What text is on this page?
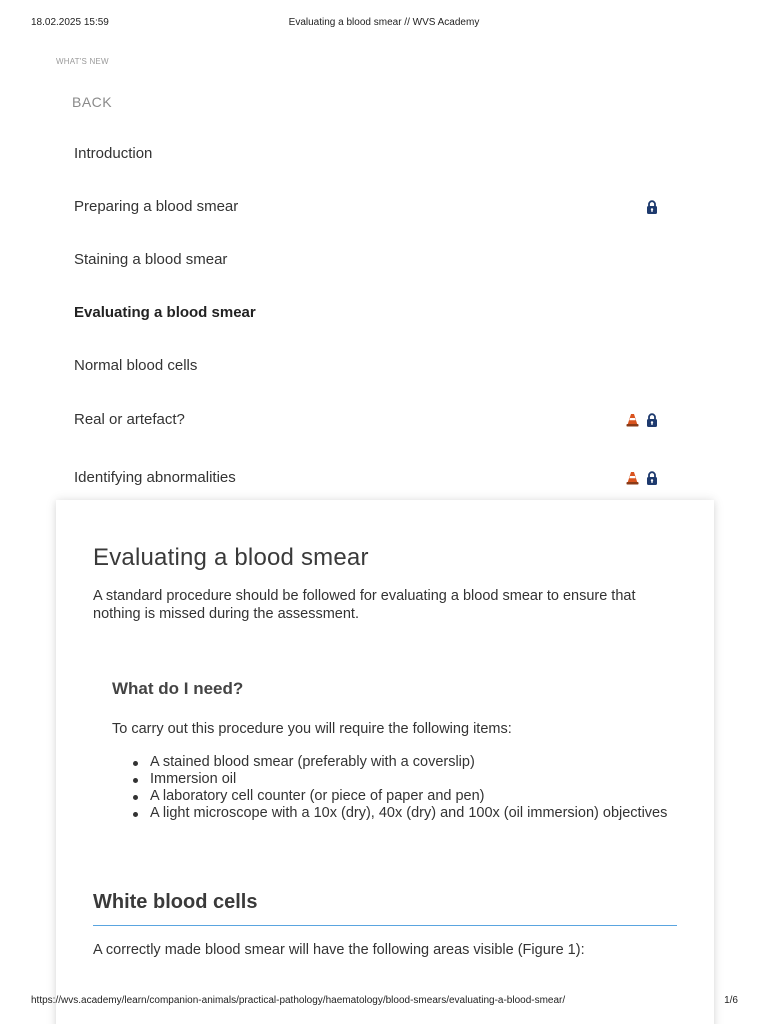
18.02.2025 15:59	Evaluating a blood smear // WVS Academy
WHAT'S NEW
BACK
Introduction
Preparing a blood smear
Staining a blood smear
Evaluating a blood smear
Normal blood cells
Real or artefact?
Identifying abnormalities
Evaluating a blood smear

A standard procedure should be followed for evaluating a blood smear to ensure that nothing is missed during the assessment.

What do I need?

To carry out this procedure you will require the following items:

A stained blood smear (preferably with a coverslip)
Immersion oil
A laboratory cell counter (or piece of paper and pen)
A light microscope with a 10x (dry), 40x (dry) and 100x (oil immersion) objectives
White blood cells

A correctly made blood smear will have the following areas visible (Figure 1):

https://wvs.academy/learn/companion-animals/practical-pathology/haematology/blood-smears/evaluating-a-blood-smear/	1/6
